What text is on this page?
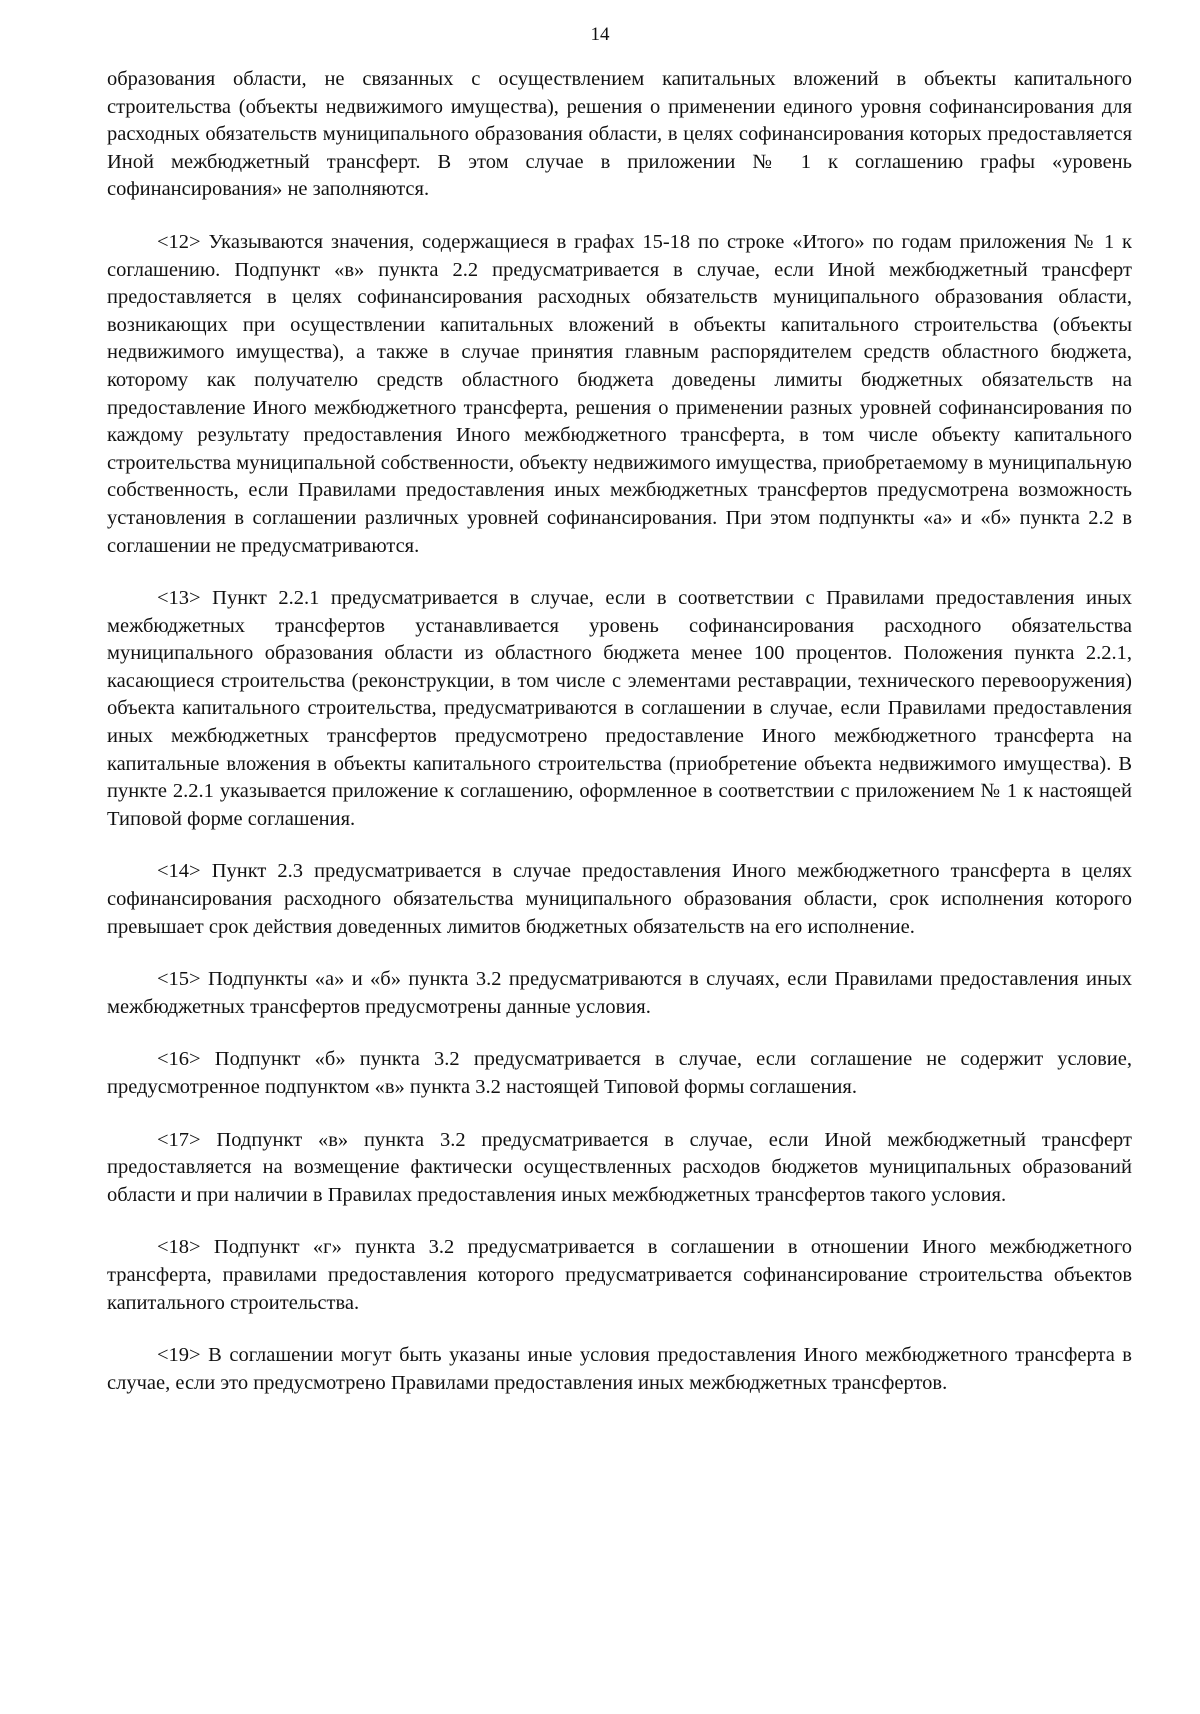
14

образования области, не связанных с осуществлением капитальных вложений в объекты капитального строительства (объекты недвижимого имущества), решения о применении единого уровня софинансирования для расходных обязательств муниципального образования области, в целях софинансирования которых предоставляется Иной межбюджетный трансферт. В этом случае в приложении № 1 к соглашению графы «уровень софинансирования» не заполняются.

<12> Указываются значения, содержащиеся в графах 15-18 по строке «Итого» по годам приложения № 1 к соглашению. Подпункт «в» пункта 2.2 предусматривается в случае, если Иной межбюджетный трансферт предоставляется в целях софинансирования расходных обязательств муниципального образования области, возникающих при осуществлении капитальных вложений в объекты капитального строительства (объекты недвижимого имущества), а также в случае принятия главным распорядителем средств областного бюджета, которому как получателю средств областного бюджета доведены лимиты бюджетных обязательств на предоставление Иного межбюджетного трансферта, решения о применении разных уровней софинансирования по каждому результату предоставления Иного межбюджетного трансферта, в том числе объекту капитального строительства муниципальной собственности, объекту недвижимого имущества, приобретаемому в муниципальную собственность, если Правилами предоставления иных межбюджетных трансфертов предусмотрена возможность установления в соглашении различных уровней софинансирования. При этом подпункты «а» и «б» пункта 2.2 в соглашении не предусматриваются.

<13> Пункт 2.2.1 предусматривается в случае, если в соответствии с Правилами предоставления иных межбюджетных трансфертов устанавливается уровень софинансирования расходного обязательства муниципального образования области из областного бюджета менее 100 процентов. Положения пункта 2.2.1, касающиеся строительства (реконструкции, в том числе с элементами реставрации, технического перевооружения) объекта капитального строительства, предусматриваются в соглашении в случае, если Правилами предоставления иных межбюджетных трансфертов предусмотрено предоставление Иного межбюджетного трансферта на капитальные вложения в объекты капитального строительства (приобретение объекта недвижимого имущества). В пункте 2.2.1 указывается приложение к соглашению, оформленное в соответствии с приложением № 1 к настоящей Типовой форме соглашения.

<14> Пункт 2.3 предусматривается в случае предоставления Иного межбюджетного трансферта в целях софинансирования расходного обязательства муниципального образования области, срок исполнения которого превышает срок действия доведенных лимитов бюджетных обязательств на его исполнение.

<15> Подпункты «а» и «б» пункта 3.2 предусматриваются в случаях, если Правилами предоставления иных межбюджетных трансфертов предусмотрены данные условия.

<16> Подпункт «б» пункта 3.2 предусматривается в случае, если соглашение не содержит условие, предусмотренное подпунктом «в» пункта 3.2 настоящей Типовой формы соглашения.

<17> Подпункт «в» пункта 3.2 предусматривается в случае, если Иной межбюджетный трансферт предоставляется на возмещение фактически осуществленных расходов бюджетов муниципальных образований области и при наличии в Правилах предоставления иных межбюджетных трансфертов такого условия.

<18> Подпункт «г» пункта 3.2 предусматривается в соглашении в отношении Иного межбюджетного трансферта, правилами предоставления которого предусматривается софинансирование строительства объектов капитального строительства.

<19> В соглашении могут быть указаны иные условия предоставления Иного межбюджетного трансферта в случае, если это предусмотрено Правилами предоставления иных межбюджетных трансфертов.
